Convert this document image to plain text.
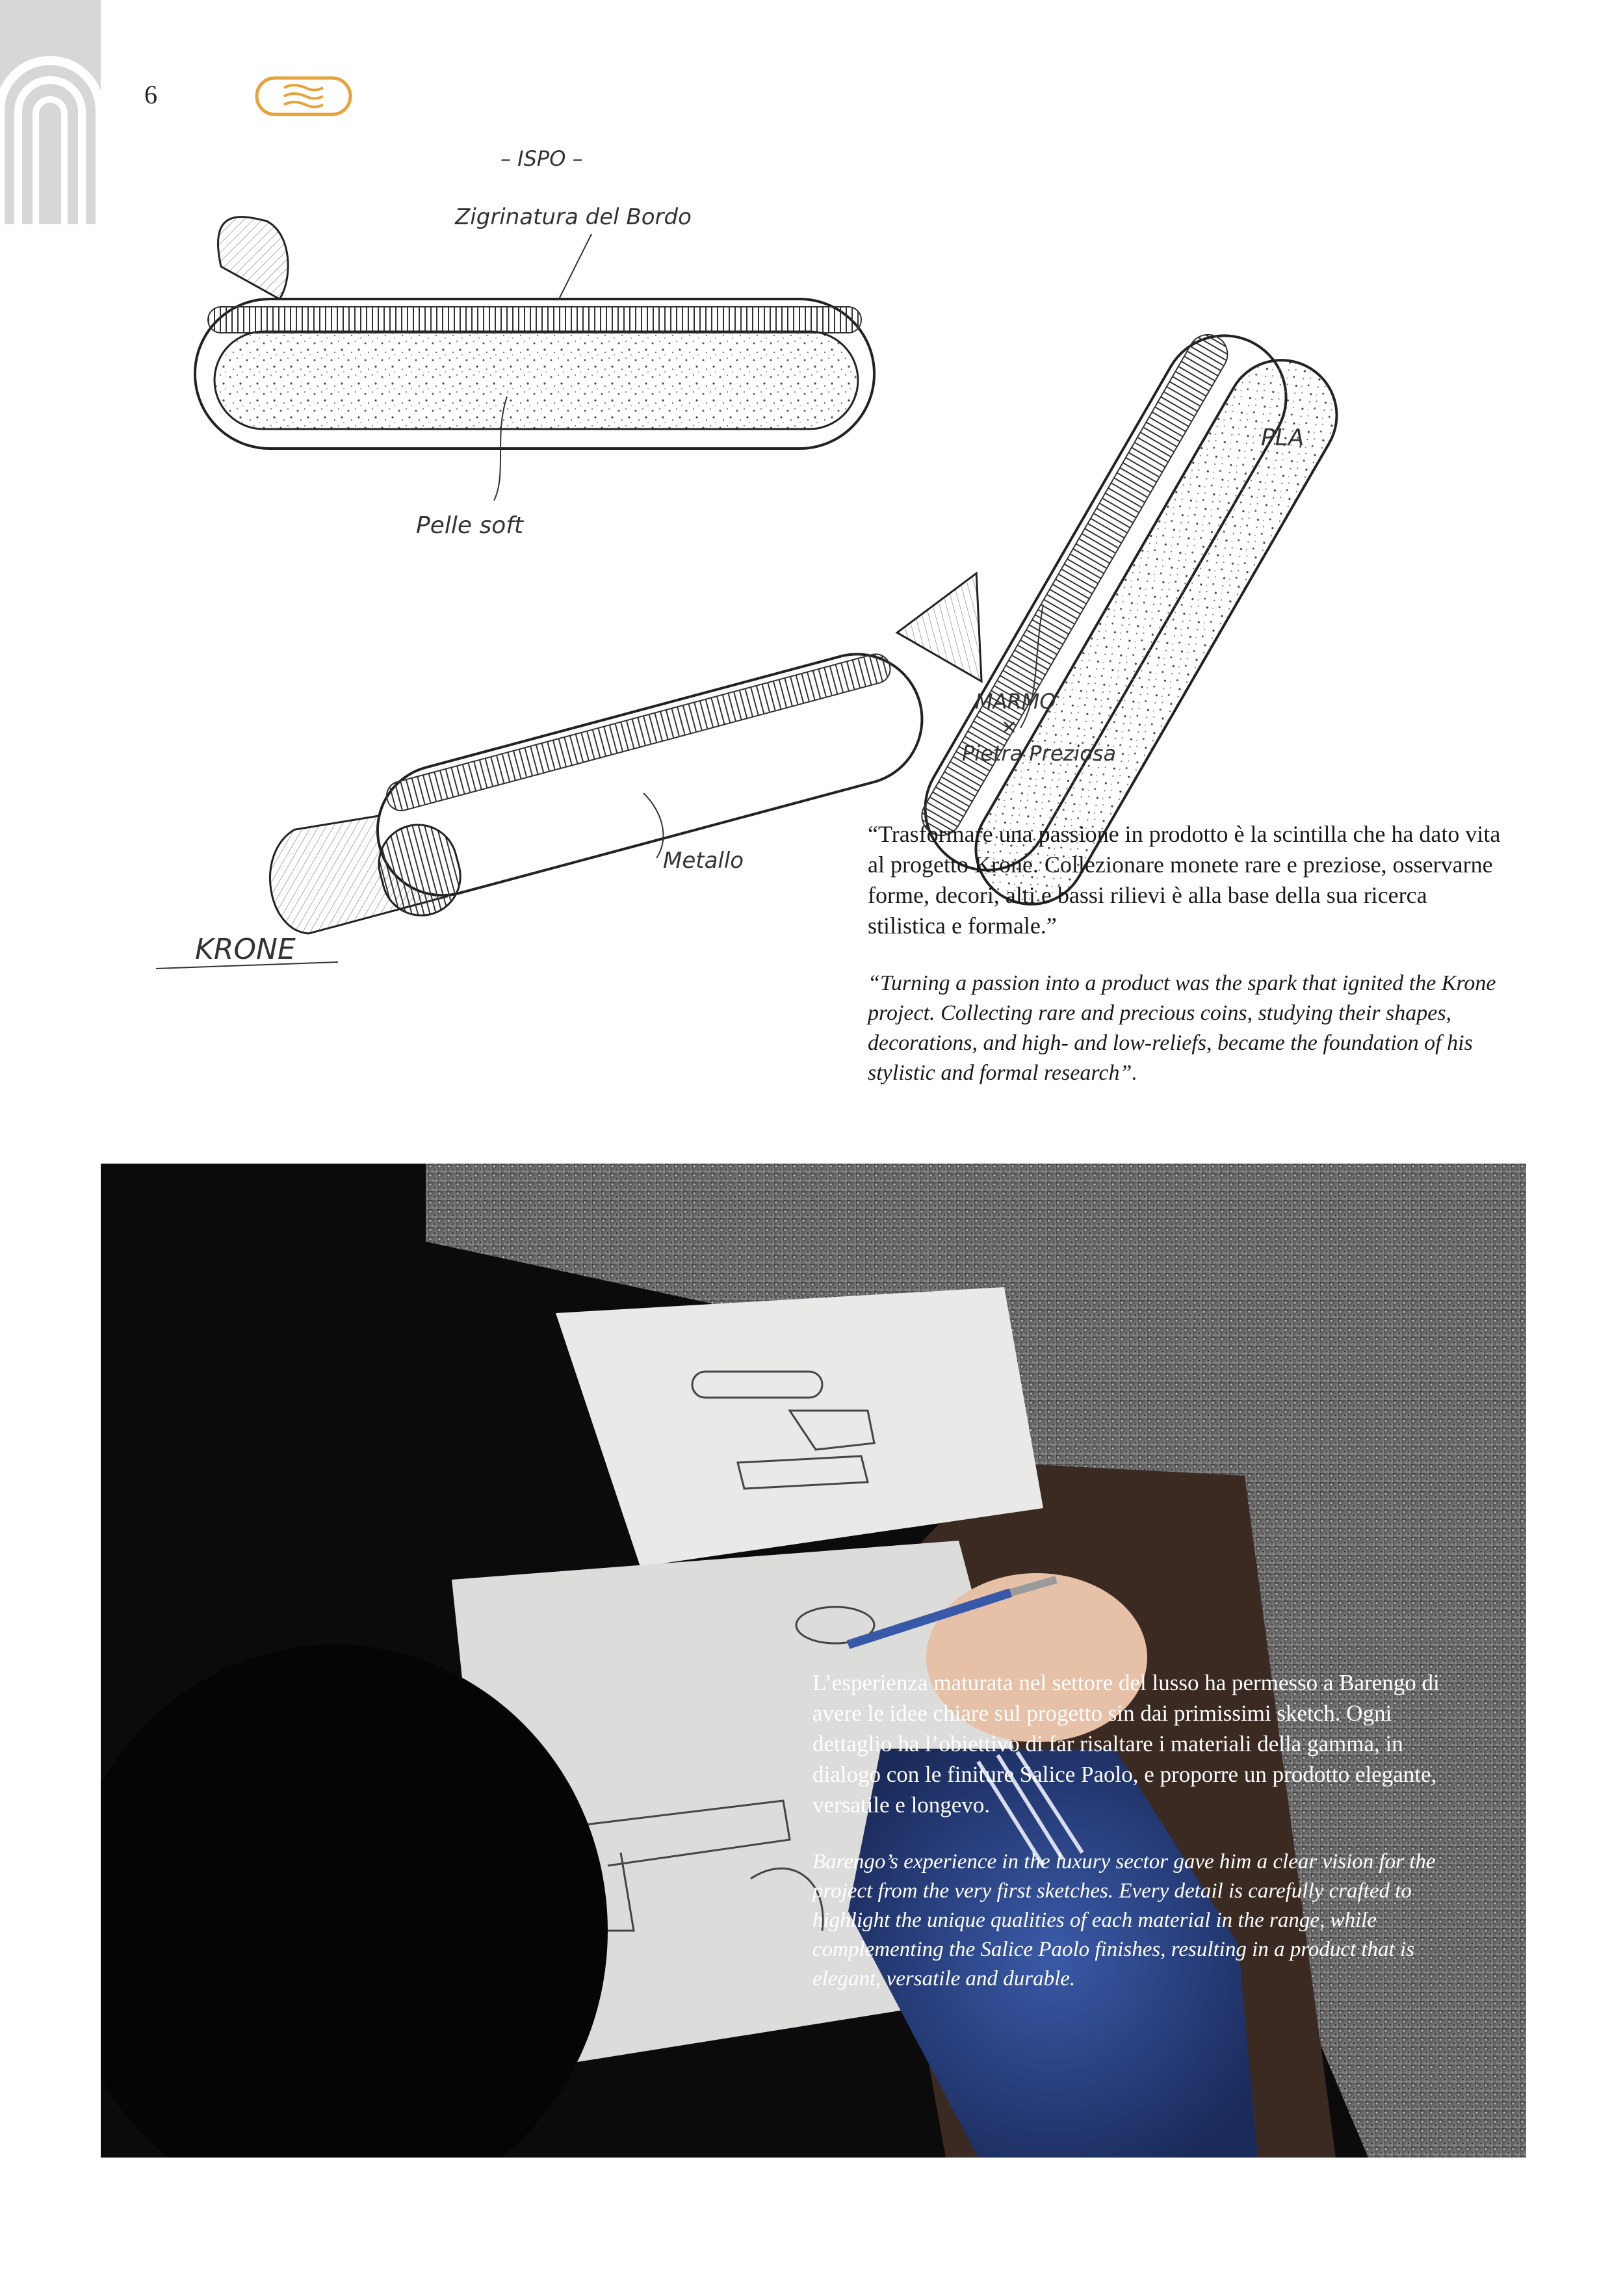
6
– ISPO –
Zigrinatura del Bordo
Pelle soft
PLA
MARMO
×
Pietra Preziosa
Metallo
KRONE

“Trasformare una passione in prodotto è la scintilla che ha dato vita al progetto Krone. Collezionare monete rare e preziose, osservarne forme, decori, alti e bassi rilievi è alla base della sua ricerca stilistica e formale.”

“Turning a passion into a product was the spark that ignited the Krone project. Collecting rare and precious coins, studying their shapes, decorations, and high- and low-reliefs, became the foundation of his stylistic and formal research”.

L’esperienza maturata nel settore del lusso ha permesso a Barengo di avere le idee chiare sul progetto sin dai primissimi sketch. Ogni dettaglio ha l’obiettivo di far risaltare i materiali della gamma, in dialogo con le finiture Salice Paolo, e proporre un prodotto elegante, versatile e longevo.

Barengo’s experience in the luxury sector gave him a clear vision for the project from the very first sketches. Every detail is carefully crafted to highlight the unique qualities of each material in the range, while complementing the Salice Paolo finishes, resulting in a product that is elegant, versatile and durable.
